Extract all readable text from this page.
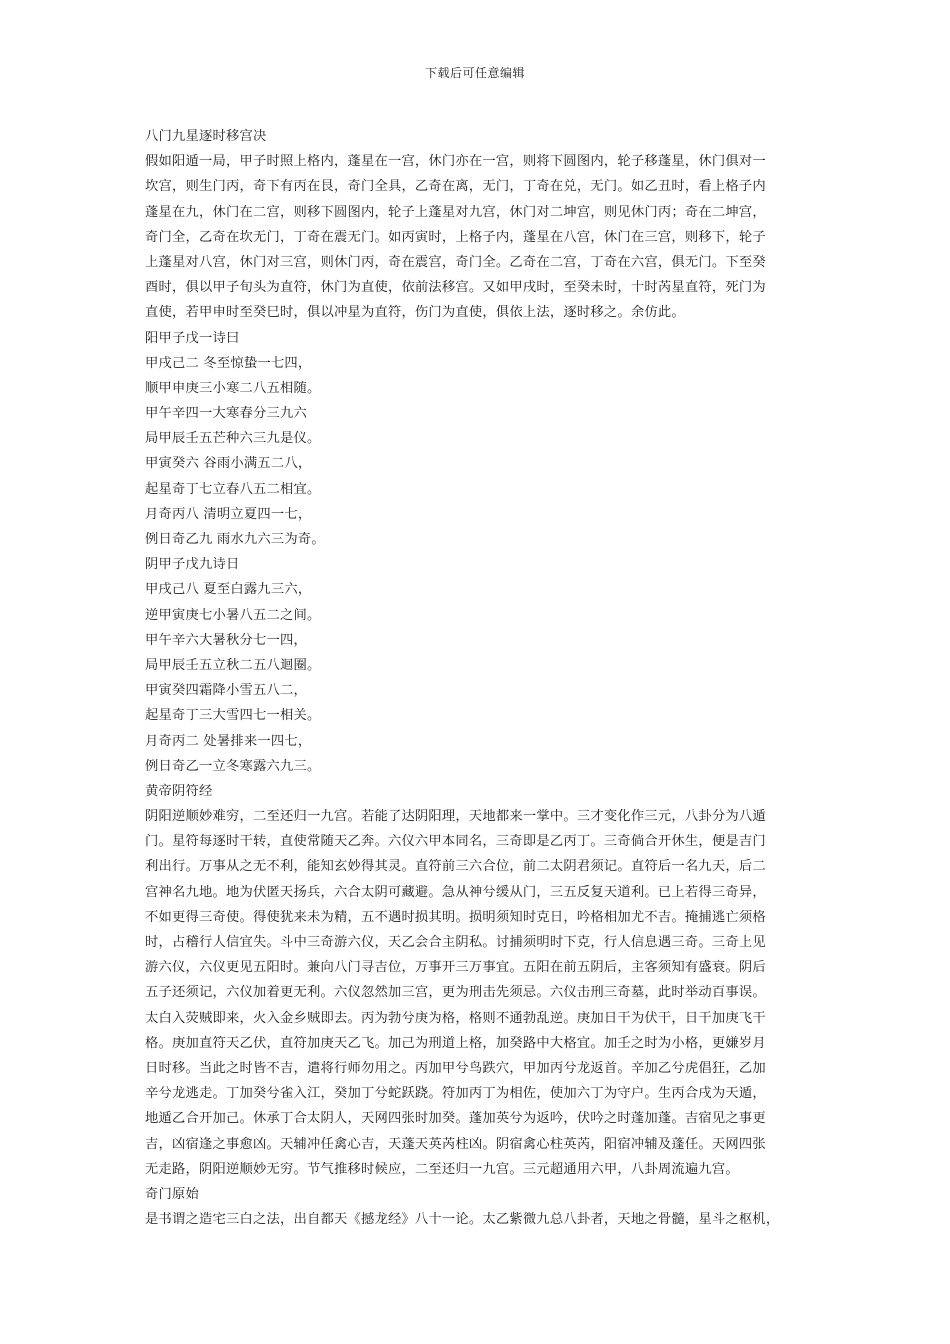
下载后可任意编辑
八门九星逐时移宫决
假如阳遁一局，甲子时照上格内，蓬星在一宫，休门亦在一宫，则将下圆图内，轮子移蓬星，休门俱对一
坎宫，则生门丙，奇下有丙在艮，奇门全具，乙奇在离，无门，丁奇在兑，无门。如乙丑时，看上格子内
蓬星在九，休门在二宫，则移下圆图内，轮子上蓬星对九宫，休门对二坤宫，则见休门丙；奇在二坤宫，
奇门全，乙奇在坎无门，丁奇在震无门。如丙寅时，上格子内，蓬星在八宫，休门在三宫，则移下，轮子
上蓬星对八宫，休门对三宫，则休门丙，奇在震宫，奇门全。乙奇在二宫，丁奇在六宫，俱无门。下至癸
酉时，俱以甲子旬头为直符，休门为直使，依前法移宫。又如甲戌时，至癸未时，十时芮星直符，死门为
直使，若甲申时至癸巳时，俱以冲星为直符，伤门为直使，俱依上法，逐时移之。余仿此。
阳甲子戊一诗曰
甲戌己二 冬至惊蛰一七四，
顺甲申庚三小寒二八五相随。
甲午辛四一大寒春分三九六
局甲辰壬五芒种六三九是仪。
甲寅癸六 谷雨小满五二八，
起星奇丁七立春八五二相宜。
月奇丙八 清明立夏四一七，
例日奇乙九 雨水九六三为奇。
阴甲子戊九诗日
甲戌己八 夏至白露九三六，
逆甲寅庚七小暑八五二之间。
甲午辛六大暑秋分七一四，
局甲辰壬五立秋二五八迴圈。
甲寅癸四霜降小雪五八二，
起星奇丁三大雪四七一相关。
月奇丙二 处暑排来一四七，
例日奇乙一立冬寒露六九三。
黄帝阴符经
阴阳逆顺妙难穷，二至还归一九宫。若能了达阴阳理，天地都来一掌中。三才变化作三元，八卦分为八遁
门。星符每逐时干转，直使常随天乙奔。六仪六甲本同名，三奇即是乙丙丁。三奇倘合开休生，便是吉门
利出行。万事从之无不利，能知玄妙得其灵。直符前三六合位，前二太阴君须记。直符后一名九天，后二
宫神名九地。地为伏匿天扬兵，六合太阴可藏避。急从神兮缓从门，三五反复天道利。已上若得三奇异，
不如更得三奇使。得使犹来未为精，五不遇时损其明。损明须知时克日，吟格相加尤不吉。掩捕逃亡须格
时，占稽行人信宜失。斗中三奇游六仪，天乙会合主阴私。讨捕须明时下克，行人信息遇三奇。三奇上见
游六仪，六仪更见五阳时。兼向八门寻吉位，万事开三万事宜。五阳在前五阴后，主客须知有盛衰。阴后
五子还须记，六仪加着更无利。六仪忽然加三宫，更为刑击先须忌。六仪击刑三奇墓，此时举动百事误。
太白入荧贼即来，火入金乡贼即去。丙为勃兮庚为格，格则不通勃乱逆。庚加日干为伏干，日干加庚飞干
格。庚加直符天乙伏，直符加庚天乙飞。加己为刑道上格，加癸路中大格宜。加壬之时为小格，更嫌岁月
日时移。当此之时皆不吉，遣将行师勿用之。丙加甲兮鸟跌穴，甲加丙兮龙返首。辛加乙兮虎倡狂，乙加
辛兮龙逃走。丁加癸兮雀入江，癸加丁兮蛇跃跷。符加丙丁为相佐，使加六丁为守户。生丙合戌为天遁，
地遁乙合开加己。休承丁合太阴人，天网四张时加癸。蓬加英兮为返吟，伏吟之时蓬加蓬。吉宿见之事更
吉，凶宿逢之事愈凶。天辅冲任禽心吉，天蓬天英芮柱凶。阴宿禽心柱英芮，阳宿冲辅及蓬任。天网四张
无走路，阴阳逆顺妙无穷。节气推移时候应，二至还归一九宫。三元超通用六甲，八卦周流遍九宫。
奇门原始
是书谓之造宅三白之法，出自都天《撼龙经》八十一论。太乙紫微九总八卦者，天地之骨髓，星斗之枢机，
